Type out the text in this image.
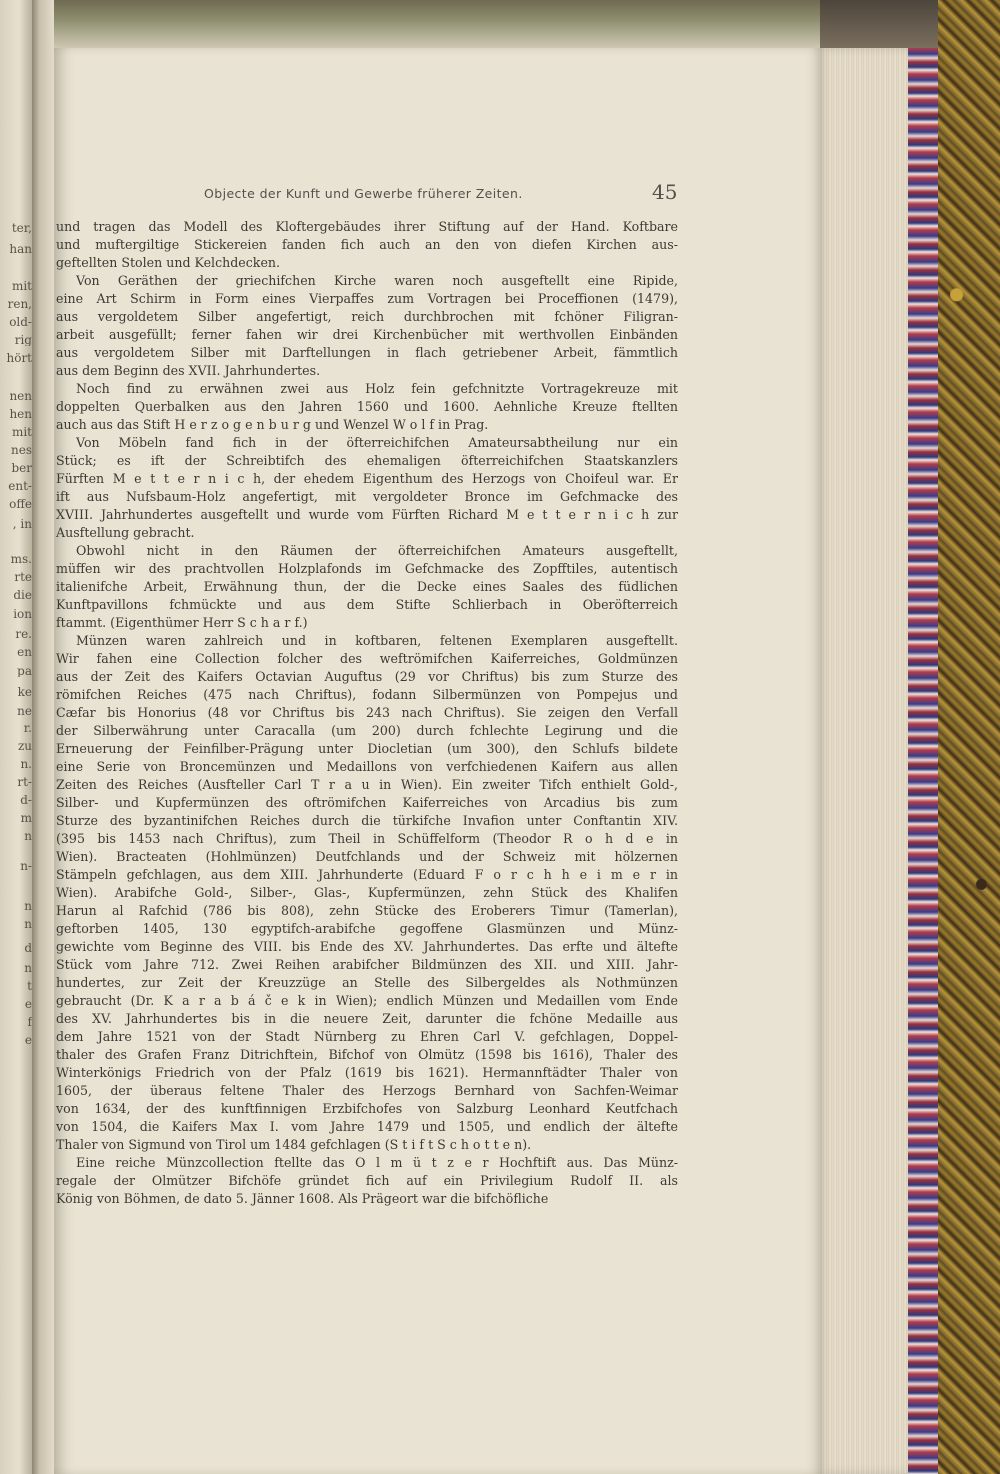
ter,
han
mit
ren,
old-
rig
hört
nen
hen
mit
nes
ber
ent-
offe
, in
ms.
rte
die
ion
re.
en
pa
ke
ne
r.
zu
n.
rt-
d-
m
n
n-
n
n
d
n
t
e
f
e
Objecte der Kunft und Gewerbe früherer Zeiten.	45
und tragen das Modell des Kloftergebäudes ihrer Stiftung auf der Hand. Koftbare
und muftergiltige Stickereien fanden fich auch an den von diefen Kirchen aus-
geftellten Stolen und Kelchdecken.
Von Geräthen der griechifchen Kirche waren noch ausgeftellt eine Ripide,
eine Art Schirm in Form eines Vierpaffes zum Vortragen bei Proceffionen (1479),
aus vergoldetem Silber angefertigt, reich durchbrochen mit fchöner Filigran-
arbeit ausgefüllt; ferner fahen wir drei Kirchenbücher mit werthvollen Einbänden
aus vergoldetem Silber mit Darftellungen in flach getriebener Arbeit, fämmtlich
aus dem Beginn des XVII. Jahrhundertes.
Noch find zu erwähnen zwei aus Holz fein gefchnitzte Vortragekreuze mit
doppelten Querbalken aus den Jahren 1560 und 1600. Aehnliche Kreuze ftellten
auch aus das Stift H e r z o g e n b u r g und Wenzel W o l f in Prag.
Von Möbeln fand fich in der öfterreichifchen Amateursabtheilung nur ein
Stück; es ift der Schreibtifch des ehemaligen öfterreichifchen Staatskanzlers
Fürften M e t t e r n i c h, der ehedem Eigenthum des Herzogs von Choifeul war. Er
ift aus Nufsbaum-Holz angefertigt, mit vergoldeter Bronce im Gefchmacke des
XVIII. Jahrhundertes ausgeftellt und wurde vom Fürften Richard M e t t e r n i c h zur
Ausftellung gebracht.
Obwohl nicht in den Räumen der öfterreichifchen Amateurs ausgeftellt,
müffen wir des prachtvollen Holzplafonds im Gefchmacke des Zopfftiles, autentisch
italienifche Arbeit, Erwähnung thun, der die Decke eines Saales des füdlichen
Kunftpavillons fchmückte und aus dem Stifte Schlierbach in Oberöfterreich
ftammt. (Eigenthümer Herr S c h a r f.)
Münzen waren zahlreich und in koftbaren, feltenen Exemplaren ausgeftellt.
Wir fahen eine Collection folcher des weftrömifchen Kaiferreiches, Goldmünzen
aus der Zeit des Kaifers Octavian Auguftus (29 vor Chriftus) bis zum Sturze des
römifchen Reiches (475 nach Chriftus), fodann Silbermünzen von Pompejus und
Cæfar bis Honorius (48 vor Chriftus bis 243 nach Chriftus). Sie zeigen den Verfall
der Silberwährung unter Caracalla (um 200) durch fchlechte Legirung und die
Erneuerung der Feinfilber-Prägung unter Diocletian (um 300), den Schlufs bildete
eine Serie von Broncemünzen und Medaillons von verfchiedenen Kaifern aus allen
Zeiten des Reiches (Ausfteller Carl T r a u in Wien). Ein zweiter Tifch enthielt Gold-,
Silber- und Kupfermünzen des oftrömifchen Kaiferreiches von Arcadius bis zum
Sturze des byzantinifchen Reiches durch die türkifche Invafion unter Conftantin XIV.
(395 bis 1453 nach Chriftus), zum Theil in Schüffelform (Theodor R o h d e in
Wien). Bracteaten (Hohlmünzen) Deutfchlands und der Schweiz mit hölzernen
Stämpeln gefchlagen, aus dem XIII. Jahrhunderte (Eduard F o r c h h e i m e r in
Wien). Arabifche Gold-, Silber-, Glas-, Kupfermünzen, zehn Stück des Khalifen
Harun al Rafchid (786 bis 808), zehn Stücke des Eroberers Timur (Tamerlan),
geftorben 1405, 130 egyptifch-arabifche gegoffene Glasmünzen und Münz-
gewichte vom Beginne des VIII. bis Ende des XV. Jahrhundertes. Das erfte und ältefte
Stück vom Jahre 712. Zwei Reihen arabifcher Bildmünzen des XII. und XIII. Jahr-
hundertes, zur Zeit der Kreuzzüge an Stelle des Silbergeldes als Nothmünzen
gebraucht (Dr. K a r a b á č e k in Wien); endlich Münzen und Medaillen vom Ende
des XV. Jahrhundertes bis in die neuere Zeit, darunter die fchöne Medaille aus
dem Jahre 1521 von der Stadt Nürnberg zu Ehren Carl V. gefchlagen, Doppel-
thaler des Grafen Franz Ditrichftein, Bifchof von Olmütz (1598 bis 1616), Thaler des
Winterkönigs Friedrich von der Pfalz (1619 bis 1621). Hermannftädter Thaler von
1605, der überaus feltene Thaler des Herzogs Bernhard von Sachfen-Weimar
von 1634, der des kunftfinnigen Erzbifchofes von Salzburg Leonhard Keutfchach
von 1504, die Kaifers Max I. vom Jahre 1479 und 1505, und endlich der ältefte
Thaler von Sigmund von Tirol um 1484 gefchlagen (S t i f t S c h o t t e n).
Eine reiche Münzcollection ftellte das O l m ü t z e r Hochftift aus. Das Münz-
regale der Olmützer Bifchöfe gründet fich auf ein Privilegium Rudolf II. als
König von Böhmen, de dato 5. Jänner 1608. Als Prägeort war die bifchöfliche
